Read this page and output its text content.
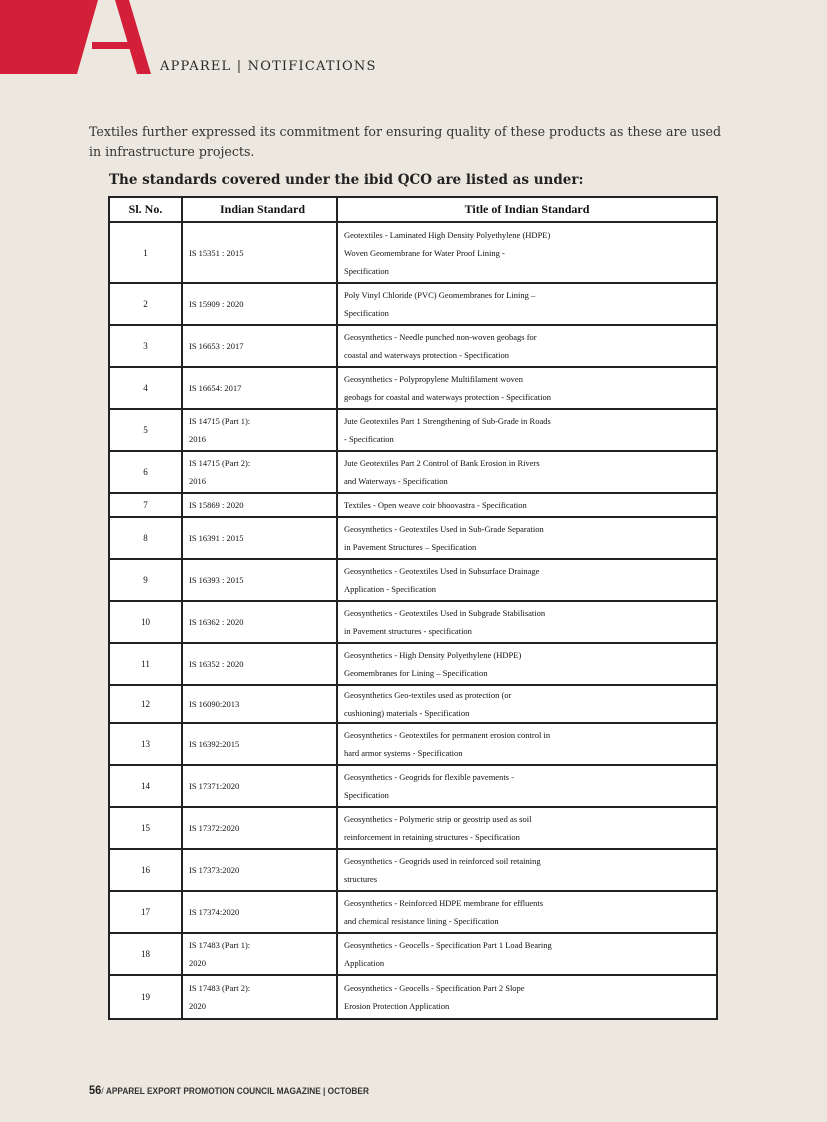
APPAREL | NOTIFICATIONS
Textiles further expressed its commitment for ensuring quality of these products as these are used in infrastructure projects.
The standards covered under the ibid QCO are listed as under:
Sl. No.	Indian Standard	Title of Indian Standard

1	IS 15351 : 2015	Geotextiles - Laminated High Density Polyethylene (HDPE)
Woven Geomembrane for Water Proof Lining -
Specification

2	IS 15909 : 2020	Poly Vinyl Chloride (PVC) Geomembranes for Lining –
Specification

3	IS 16653 : 2017	Geosynthetics - Needle punched non-woven geobags for
coastal and waterways protection - Specification

4	IS 16654: 2017	Geosynthetics - Polypropylene Multifilament woven
geobags for coastal and waterways protection - Specification

5	IS 14715 (Part 1):
2016	Jute Geotextiles Part 1 Strengthening of Sub-Grade in Roads
- Specification

6	IS 14715 (Part 2):
2016	Jute Geotextiles Part 2 Control of Bank Erosion in Rivers
and Waterways - Specification

7	IS 15869 : 2020	Textiles - Open weave coir bhoovastra - Specification

8	IS 16391 : 2015	Geosynthetics - Geotextiles Used in Sub-Grade Separation
in Pavement Structures – Specification

9	IS 16393 : 2015	Geosynthetics - Geotextiles Used in Subsurface Drainage
Application - Specification

10	IS 16362 : 2020	Geosynthetics - Geotextiles Used in Subgrade Stabilisation
in Pavement structures - specification

11	IS 16352 : 2020	Geosynthetics - High Density Polyethylene (HDPE)
Geomembranes for Lining – Specification

12	IS 16090:2013	Geosynthetics Geo-textiles used as protection (or
cushioning) materials - Specification

13	IS 16392:2015	Geosynthetics - Geotextiles for permanent erosion control in
hard armor systems - Specification

14	IS 17371:2020	Geosynthetics - Geogrids for flexible pavements -
Specification

15	IS 17372:2020	Geosynthetics - Polymeric strip or geostrip used as soil
reinforcement in retaining structures - Specification

16	IS 17373:2020	Geosynthetics - Geogrids used in reinforced soil retaining
structures

17	IS 17374:2020	Geosynthetics - Reinforced HDPE membrane for effluents
and chemical resistance lining - Specification

18	IS 17483 (Part 1):
2020	Geosynthetics - Geocells - Specification Part 1 Load Bearing
Application

19	IS 17483 (Part 2):
2020	Geosynthetics - Geocells - Specification Part 2 Slope
Erosion Protection Application
56/ APPAREL EXPORT PROMOTION COUNCIL MAGAZINE | OCTOBER
